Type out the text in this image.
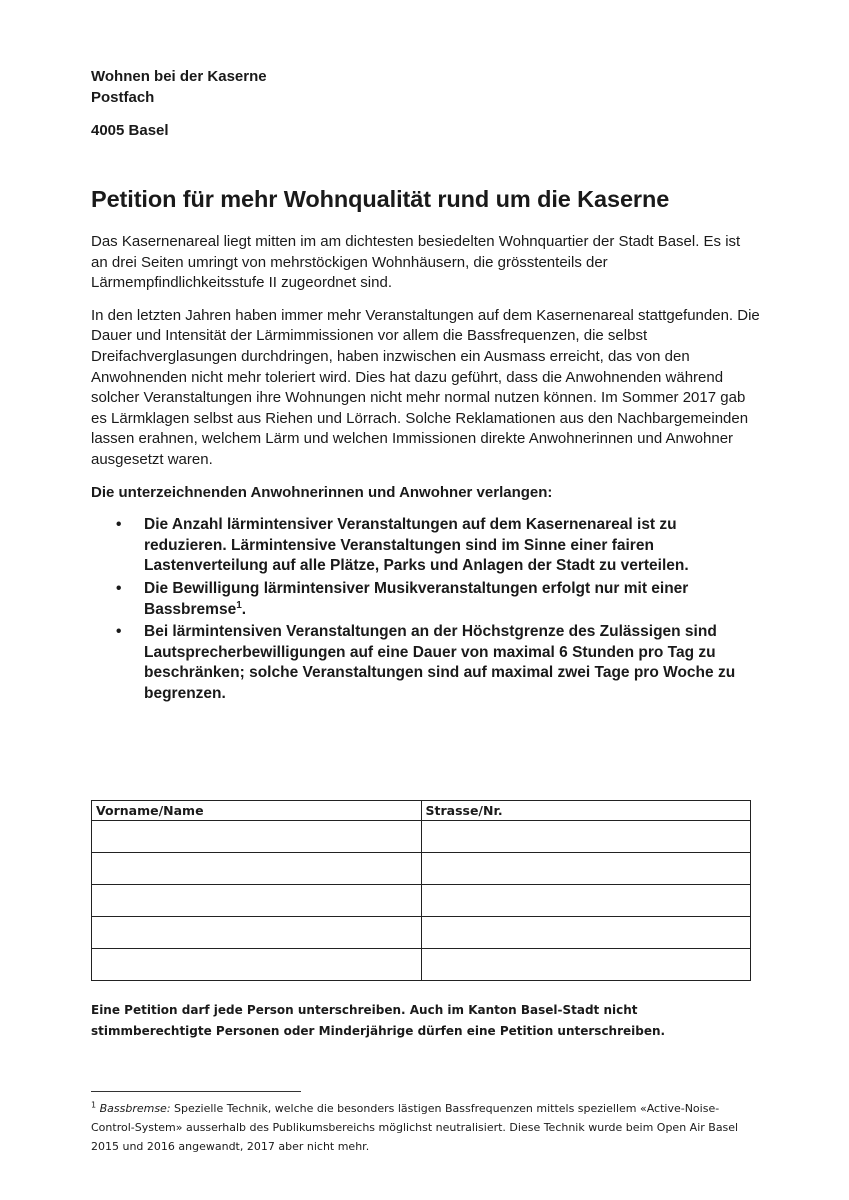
Wohnen bei der Kaserne
Postfach
4005 Basel
Petition für mehr Wohnqualität rund um die Kaserne

Das Kasernenareal liegt mitten im am dichtesten besiedelten Wohnquartier der Stadt Basel. Es ist an drei Seiten umringt von mehrstöckigen Wohnhäusern, die grösstenteils der Lärmempfindlichkeitsstufe II zugeordnet sind.

In den letzten Jahren haben immer mehr Veranstaltungen auf dem Kasernenareal stattgefunden. Die Dauer und Intensität der Lärmimmissionen vor allem die Bassfrequenzen, die selbst Dreifachverglasungen durchdringen, haben inzwischen ein Ausmass erreicht, das von den Anwohnenden nicht mehr toleriert wird. Dies hat dazu geführt, dass die Anwohnenden während solcher Veranstaltungen ihre Wohnungen nicht mehr normal nutzen können. Im Sommer 2017 gab es Lärmklagen selbst aus Riehen und Lörrach. Solche Reklamationen aus den Nachbargemeinden lassen erahnen, welchem Lärm und welchen Immissionen direkte Anwohnerinnen und Anwohner ausgesetzt waren.

Die unterzeichnenden Anwohnerinnen und Anwohner verlangen:

• Die Anzahl lärmintensiver Veranstaltungen auf dem Kasernenareal ist zu reduzieren. Lärmintensive Veranstaltungen sind im Sinne einer fairen Lastenverteilung auf alle Plätze, Parks und Anlagen der Stadt zu verteilen.
• Die Bewilligung lärmintensiver Musikveranstaltungen erfolgt nur mit einer Bassbremse$^1$.
• Bei lärmintensiven Veranstaltungen an der Höchstgrenze des Zulässigen sind Lautsprecherbewilligungen auf eine Dauer von maximal 6 Stunden pro Tag zu beschränken; solche Veranstaltungen sind auf maximal zwei Tage pro Woche zu begrenzen.
Vorname/Name	Strasse/Nr.

Eine Petition darf jede Person unterschreiben. Auch im Kanton Basel-Stadt nicht stimmberechtigte Personen oder Minderjährige dürfen eine Petition unterschreiben.
$^1$ Bassbremse: Spezielle Technik, welche die besonders lästigen Bassfrequenzen mittels speziellem «Active-Noise-Control-System» ausserhalb des Publikumsbereichs möglichst neutralisiert. Diese Technik wurde beim Open Air Basel 2015 und 2016 angewandt, 2017 aber nicht mehr.
